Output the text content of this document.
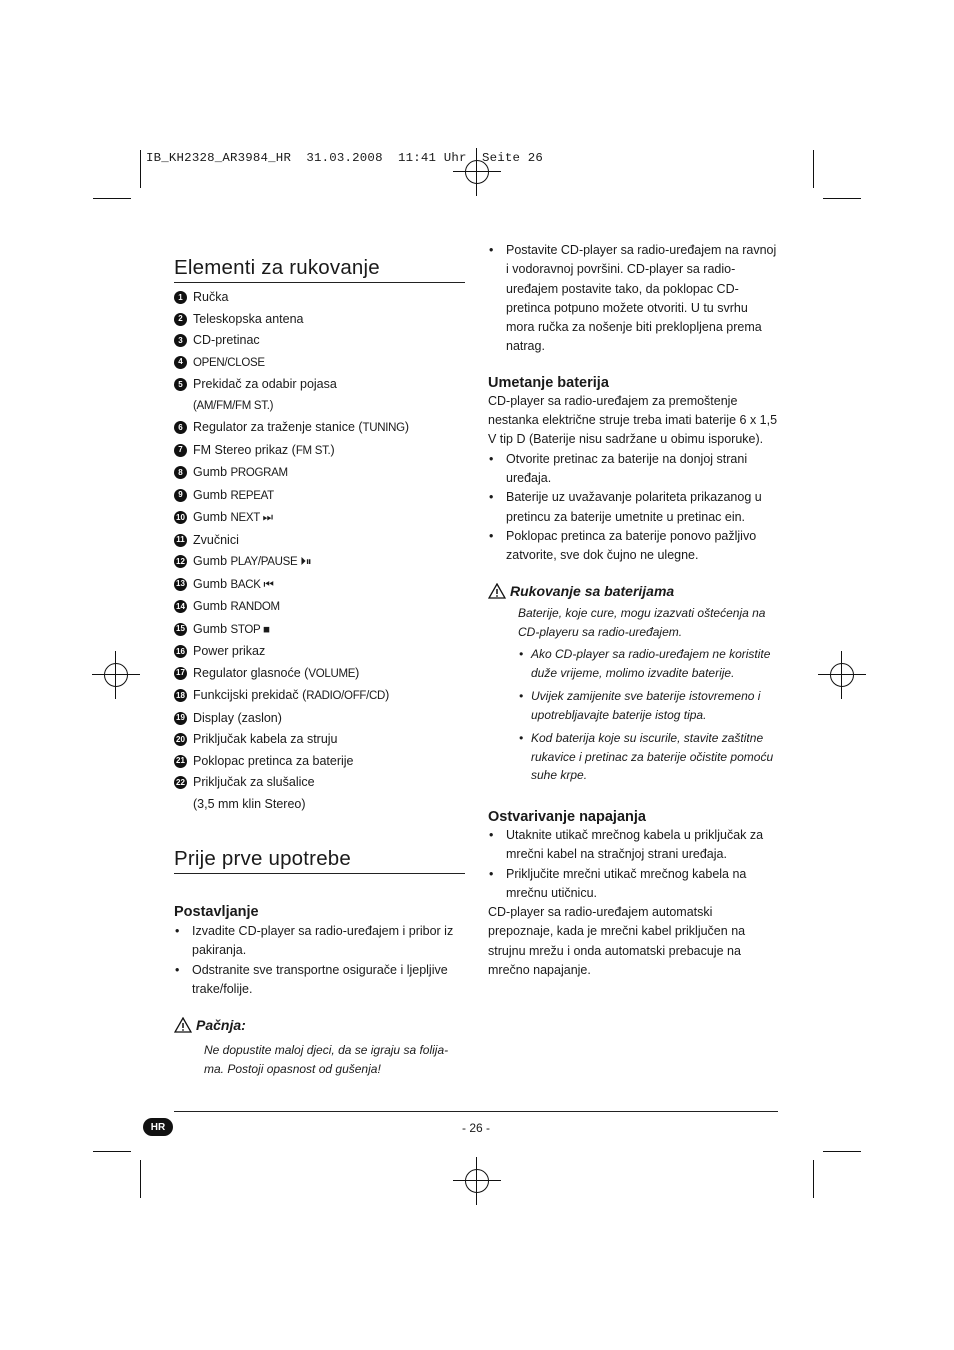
IB_KH2328_AR3984_HR  31.03.2008  11:41 Uhr  Seite 26
Elementi za rukovanje
1 Ručka
2 Teleskopska antena
3 CD-pretinac
4 OPEN/CLOSE
5 Prekidač za odabir pojasa
(AM/FM/FM ST.)
6 Regulator za traženje stanice (TUNING)
7 FM Stereo prikaz (FM ST.)
8 Gumb PROGRAM
9 Gumb REPEAT
10 Gumb NEXT ⏭
11 Zvučnici
12 Gumb PLAY/PAUSE ⏵⏸
13 Gumb BACK ⏮
14 Gumb RANDOM
15 Gumb STOP ■
16 Power prikaz
17 Regulator glasnoće (VOLUME)
18 Funkcijski prekidač (RADIO/OFF/CD)
19 Display (zaslon)
20 Priključak kabela za struju
21 Poklopac pretinca za baterije
22 Priključak za slušalice
(3,5 mm klin Stereo)
Prije prve upotrebe
Postavljanje
• Izvadite CD-player sa radio-uređajem i pribor iz pakiranja.
• Odstranite sve transportne osigurače i ljepljive trake/folije.
Pačnja:

Ne dopustite maloj djeci, da se igraju sa folija-ma. Postoji opasnost od gušenja!

• Postavite CD-player sa radio-uređajem na ravnoj i vodoravnoj površini. CD-player sa radio-uređajem postavite tako, da poklopac CD-pretinca potpuno možete otvoriti. U tu svrhu mora ručka za nošenje biti preklopljena prema natrag.
Umetanje baterija

CD-player sa radio-uređajem za premoštenje nestanka električne struje treba imati baterije 6 x 1,5 V tip D (Baterije nisu sadržane u obimu isporuke).

• Otvorite pretinac za baterije na donjoj strani uređaja.
• Baterije uz uvažavanje polariteta prikazanog u pretincu za baterije umetnite u pretinac ein.
• Poklopac pretinca za baterije ponovo pažljivo zatvorite, sve dok čujno ne ulegne.
Rukovanje sa baterijama

Baterije, koje cure, mogu izazvati oštećenja na CD-playeru sa radio-uređajem.

• Ako CD-player sa radio-uređajem ne koristite duže vrijeme, molimo izvadite baterije.
• Uvijek zamijenite sve baterije istovremeno i upotrebljavajte baterije istog tipa.
• Kod baterija koje su iscurile, stavite zaštitne rukavice i pretinac za baterije očistite pomoću suhe krpe.
Ostvarivanje napajanja
• Utaknite utikač mrečnog kabela u priključak za mrečni kabel na stračnjoj strani uređaja.
• Priključite mrečni utikač mrečnog kabela na mrečnu utičnicu.

CD-player sa radio-uređajem automatski prepoznaje, kada je mrečni kabel priključen na strujnu mrežu i onda automatski prebacuje na mrečno napajanje.

HR	- 26 -
